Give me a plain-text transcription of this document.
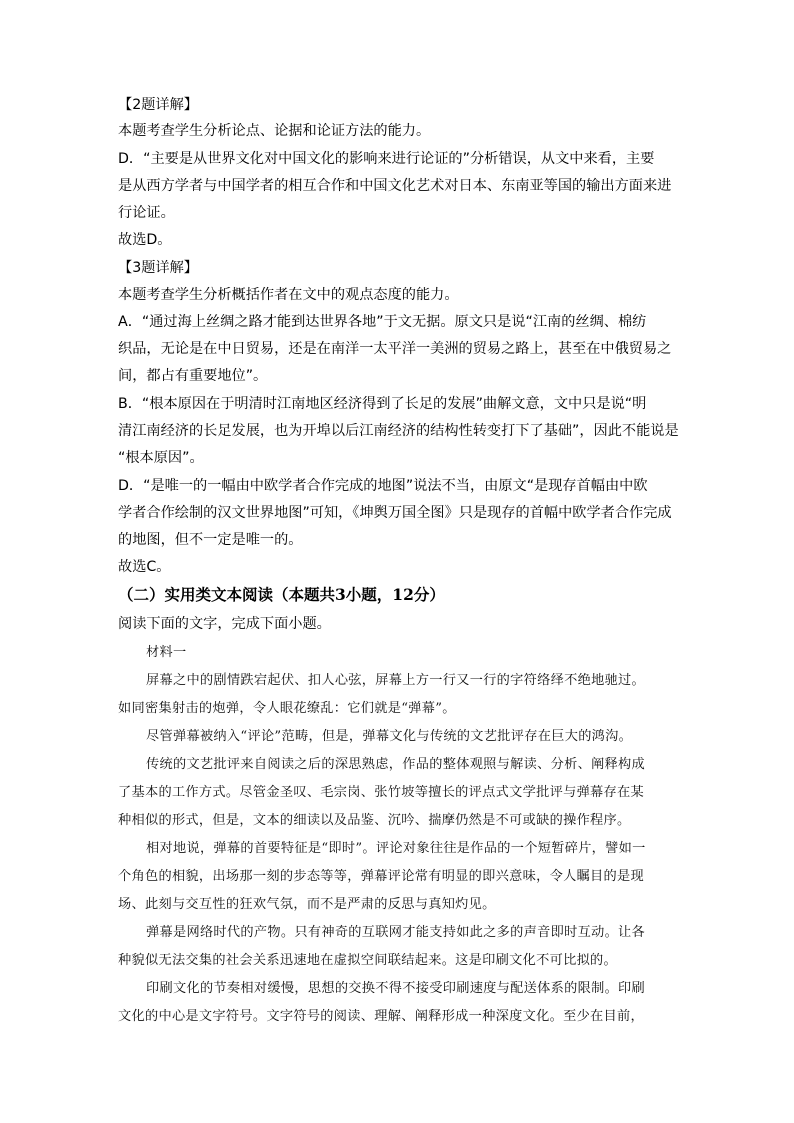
【2题详解】
本题考查学生分析论点、论据和论证方法的能力。
D．“主要是从世界文化对中国文化的影响来进行论证的”分析错误，从文中来看，主要
是从西方学者与中国学者的相互合作和中国文化艺术对日本、东南亚等国的输出方面来进
行论证。
故选D。
【3题详解】
本题考查学生分析概括作者在文中的观点态度的能力。
A．“通过海上丝绸之路才能到达世界各地”于文无据。原文只是说“江南的丝绸、棉纺
织品，无论是在中日贸易，还是在南洋一太平洋一美洲的贸易之路上，甚至在中俄贸易之
间，都占有重要地位”。
B．“根本原因在于明清时江南地区经济得到了长足的发展”曲解文意，文中只是说“明
清江南经济的长足发展，也为开埠以后江南经济的结构性转变打下了基础”，因此不能说是
“根本原因”。
D．“是唯一的一幅由中欧学者合作完成的地图”说法不当，由原文“是现存首幅由中欧
学者合作绘制的汉文世界地图”可知，《坤舆万国全图》只是现存的首幅中欧学者合作完成
的地图，但不一定是唯一的。
故选C。
（二）实用类文本阅读（本题共3小题，12分）
阅读下面的文字，完成下面小题。
材料一
屏幕之中的剧情跌宕起伏、扣人心弦，屏幕上方一行又一行的字符络绎不绝地驰过。
如同密集射击的炮弹，令人眼花缭乱：它们就是“弹幕”。
尽管弹幕被纳入“评论”范畴，但是，弹幕文化与传统的文艺批评存在巨大的鸿沟。
传统的文艺批评来自阅读之后的深思熟虑，作品的整体观照与解读、分析、阐释构成
了基本的工作方式。尽管金圣叹、毛宗岗、张竹坡等擅长的评点式文学批评与弹幕存在某
种相似的形式，但是，文本的细读以及品鉴、沉吟、揣摩仍然是不可或缺的操作程序。
相对地说，弹幕的首要特征是“即时”。评论对象往往是作品的一个短暂碎片，譬如一
个角色的相貌，出场那一刻的步态等等，弹幕评论常有明显的即兴意味，令人瞩目的是现
场、此刻与交互性的狂欢气氛，而不是严肃的反思与真知灼见。
弹幕是网络时代的产物。只有神奇的互联网才能支持如此之多的声音即时互动。让各
种貌似无法交集的社会关系迅速地在虚拟空间联结起来。这是印刷文化不可比拟的。
印刷文化的节奏相对缓慢，思想的交换不得不接受印刷速度与配送体系的限制。印刷
文化的中心是文字符号。文字符号的阅读、理解、阐释形成一种深度文化。至少在目前，
